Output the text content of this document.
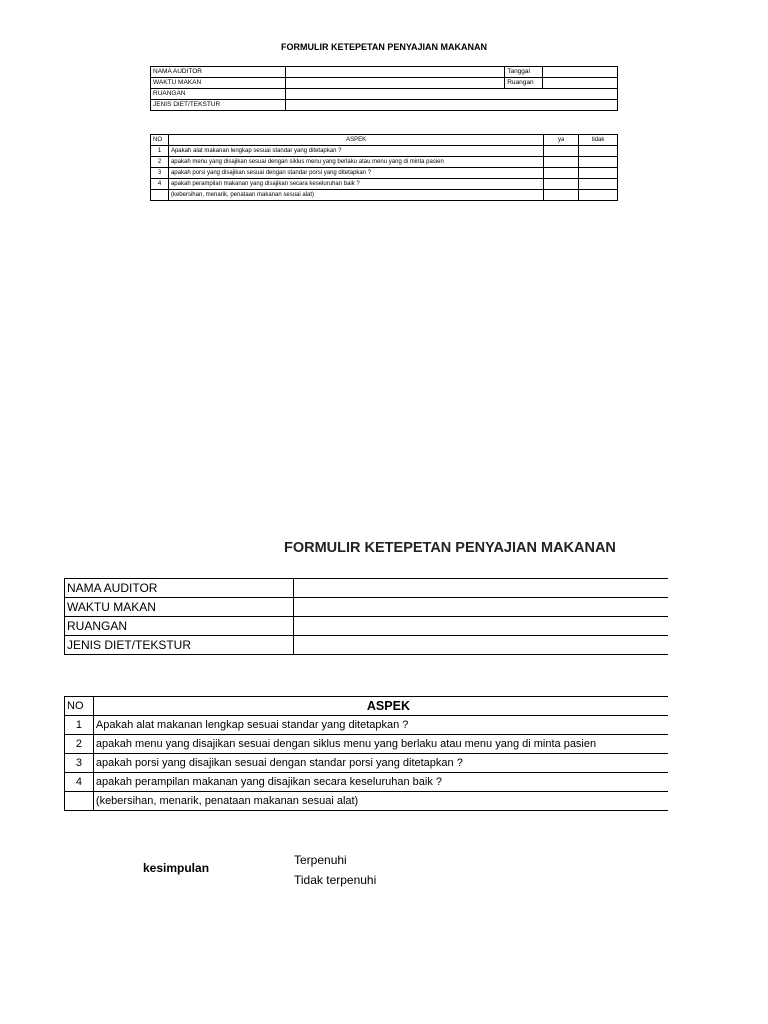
FORMULIR KETEPETAN PENYAJIAN MAKANAN
NAMA AUDITOR		Tanggal	
WAKTU MAKAN		Ruangan	
RUANGAN			
JENIS DIET/TEKSTUR			
NO	ASPEK	ya	tidak
1	Apakah alat makanan lengkap sesuai standar yang ditetapkan ?		
2	apakah menu yang disajikan sesuai dengan siklus menu yang berlaku atau menu yang di minta pasien		
3	apakah porsi yang disajikan sesuai dengan standar porsi yang ditetapkan ?		
4	apakah perampilan makanan yang disajikan secara keseluruhan baik ?		
	(kebersihan, menarik, penataan makanan sesuai alat)		
FORMULIR KETEPETAN PENYAJIAN MAKANAN
NAMA AUDITOR	
WAKTU MAKAN	
RUANGAN	
JENIS DIET/TEKSTUR	
NO	ASPEK
1	Apakah alat makanan lengkap sesuai standar yang ditetapkan ?
2	apakah menu yang disajikan sesuai dengan siklus menu yang berlaku atau menu yang di minta pasien
3	apakah porsi yang disajikan sesuai dengan standar porsi yang ditetapkan ?
4	apakah perampilan makanan yang disajikan secara keseluruhan baik ?
	(kebersihan, menarik, penataan makanan sesuai alat)
kesimpulan
Terpenuhi
Tidak terpenuhi
